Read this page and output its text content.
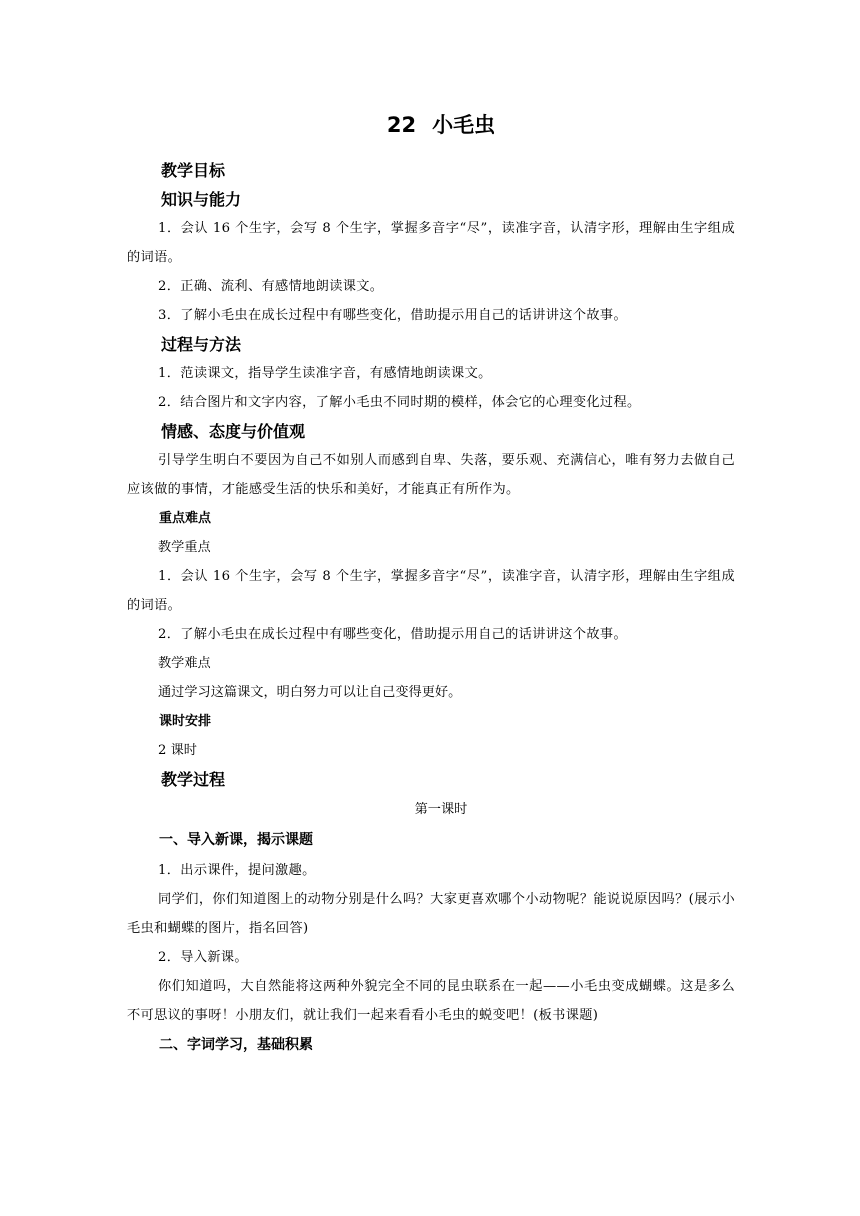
22 小毛虫
教学目标
知识与能力
1．会认 16 个生字，会写 8 个生字，掌握多音字“尽”，读准字音，认清字形，理解由生字组成的词语。
2．正确、流利、有感情地朗读课文。
3．了解小毛虫在成长过程中有哪些变化，借助提示用自己的话讲讲这个故事。
过程与方法
1．范读课文，指导学生读准字音，有感情地朗读课文。
2．结合图片和文字内容，了解小毛虫不同时期的模样，体会它的心理变化过程。
情感、态度与价值观
引导学生明白不要因为自己不如别人而感到自卑、失落，要乐观、充满信心，唯有努力去做自己应该做的事情，才能感受生活的快乐和美好，才能真正有所作为。
重点难点
教学重点
1．会认 16 个生字，会写 8 个生字，掌握多音字“尽”，读准字音，认清字形，理解由生字组成的词语。
2．了解小毛虫在成长过程中有哪些变化，借助提示用自己的话讲讲这个故事。
教学难点
通过学习这篇课文，明白努力可以让自己变得更好。
课时安排
2 课时
教学过程
第一课时
一、导入新课，揭示课题
1．出示课件，提问激趣。
同学们，你们知道图上的动物分别是什么吗？大家更喜欢哪个小动物呢？能说说原因吗？(展示小毛虫和蝴蝶的图片，指名回答)
2．导入新课。
你们知道吗，大自然能将这两种外貌完全不同的昆虫联系在一起——小毛虫变成蝴蝶。这是多么不可思议的事呀！小朋友们，就让我们一起来看看小毛虫的蜕变吧！(板书课题)
二、字词学习，基础积累
